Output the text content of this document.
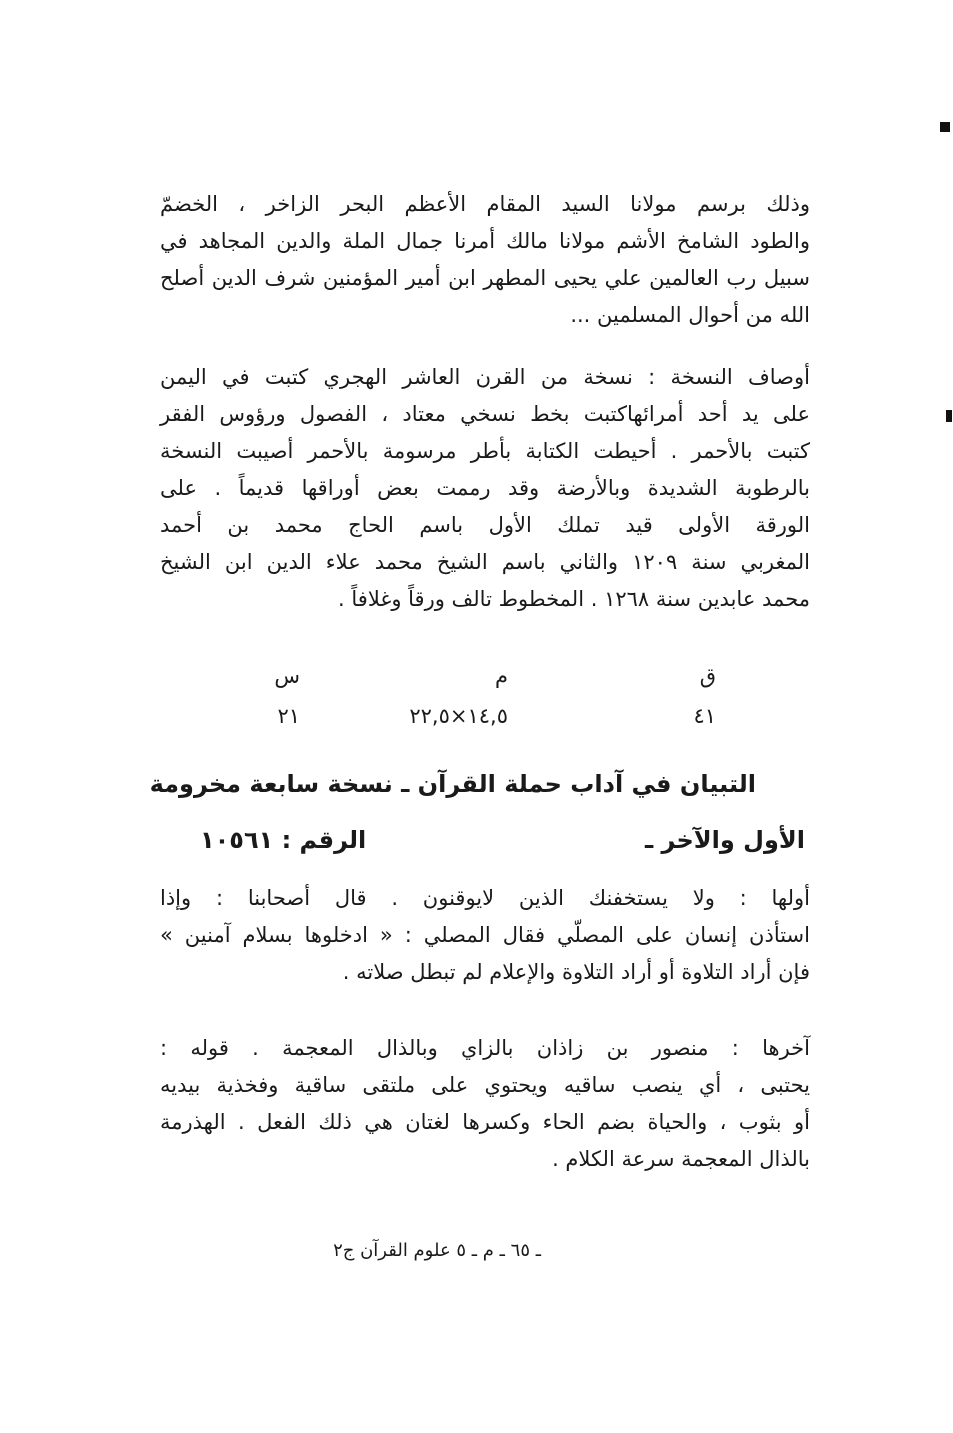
وذلك برسم مولانا السيد المقام الأعظم البحر الزاخر ، الخضمّ
والطود الشامخ الأشم مولانا مالك أمرنا جمال الملة والدين المجاهد في
سبيل رب العالمين علي يحيى المطهر ابن أمير المؤمنين شرف الدين أصلح
الله من أحوال المسلمين ...
أوصاف النسخة : نسخة من القرن العاشر الهجري كتبت في اليمن
على يد أحد أمرائهاكتبت بخط نسخي معتاد ، الفصول ورؤوس الفقر
كتبت بالأحمر . أحيطت الكتابة بأطر مرسومة بالأحمر أصيبت النسخة
بالرطوبة الشديدة وبالأرضة وقد رممت بعض أوراقها قديماً . على
الورقة الأولى قيد تملك الأول باسم الحاج محمد بن أحمد
المغربي سنة ١٢٠٩ والثاني باسم الشيخ محمد علاء الدين ابن الشيخ
محمد عابدين سنة ١٢٦٨ . المخطوط تالف ورقاً وغلافاً .
ق
م
س
٤١
١٤,٥×٢٢,٥
٢١
التبيان في آداب حملة القرآن ـ نسخة سابعة مخرومة
الأول والآخر ـ
الرقم : ١٠٥٦١
أولها : ولا يستخفنك الذين لايوقنون . قال أصحابنا : وإذا
استأذن إنسان على المصلّي فقال المصلي : « ادخلوها بسلام آمنين »
فإن أراد التلاوة أو أراد التلاوة والإعلام لم تبطل صلاته .
آخرها : منصور بن زاذان بالزاي وبالذال المعجمة . قوله :
يحتبى ، أي ينصب ساقيه ويحتوي على ملتقى ساقية وفخذية بيديه
أو بثوب ، والحياة بضم الحاء وكسرها لغتان هي ذلك الفعل . الهذرمة
بالذال المعجمة سرعة الكلام .
ـ ٦٥ ـ م ـ ٥ علوم القرآن ج٢
